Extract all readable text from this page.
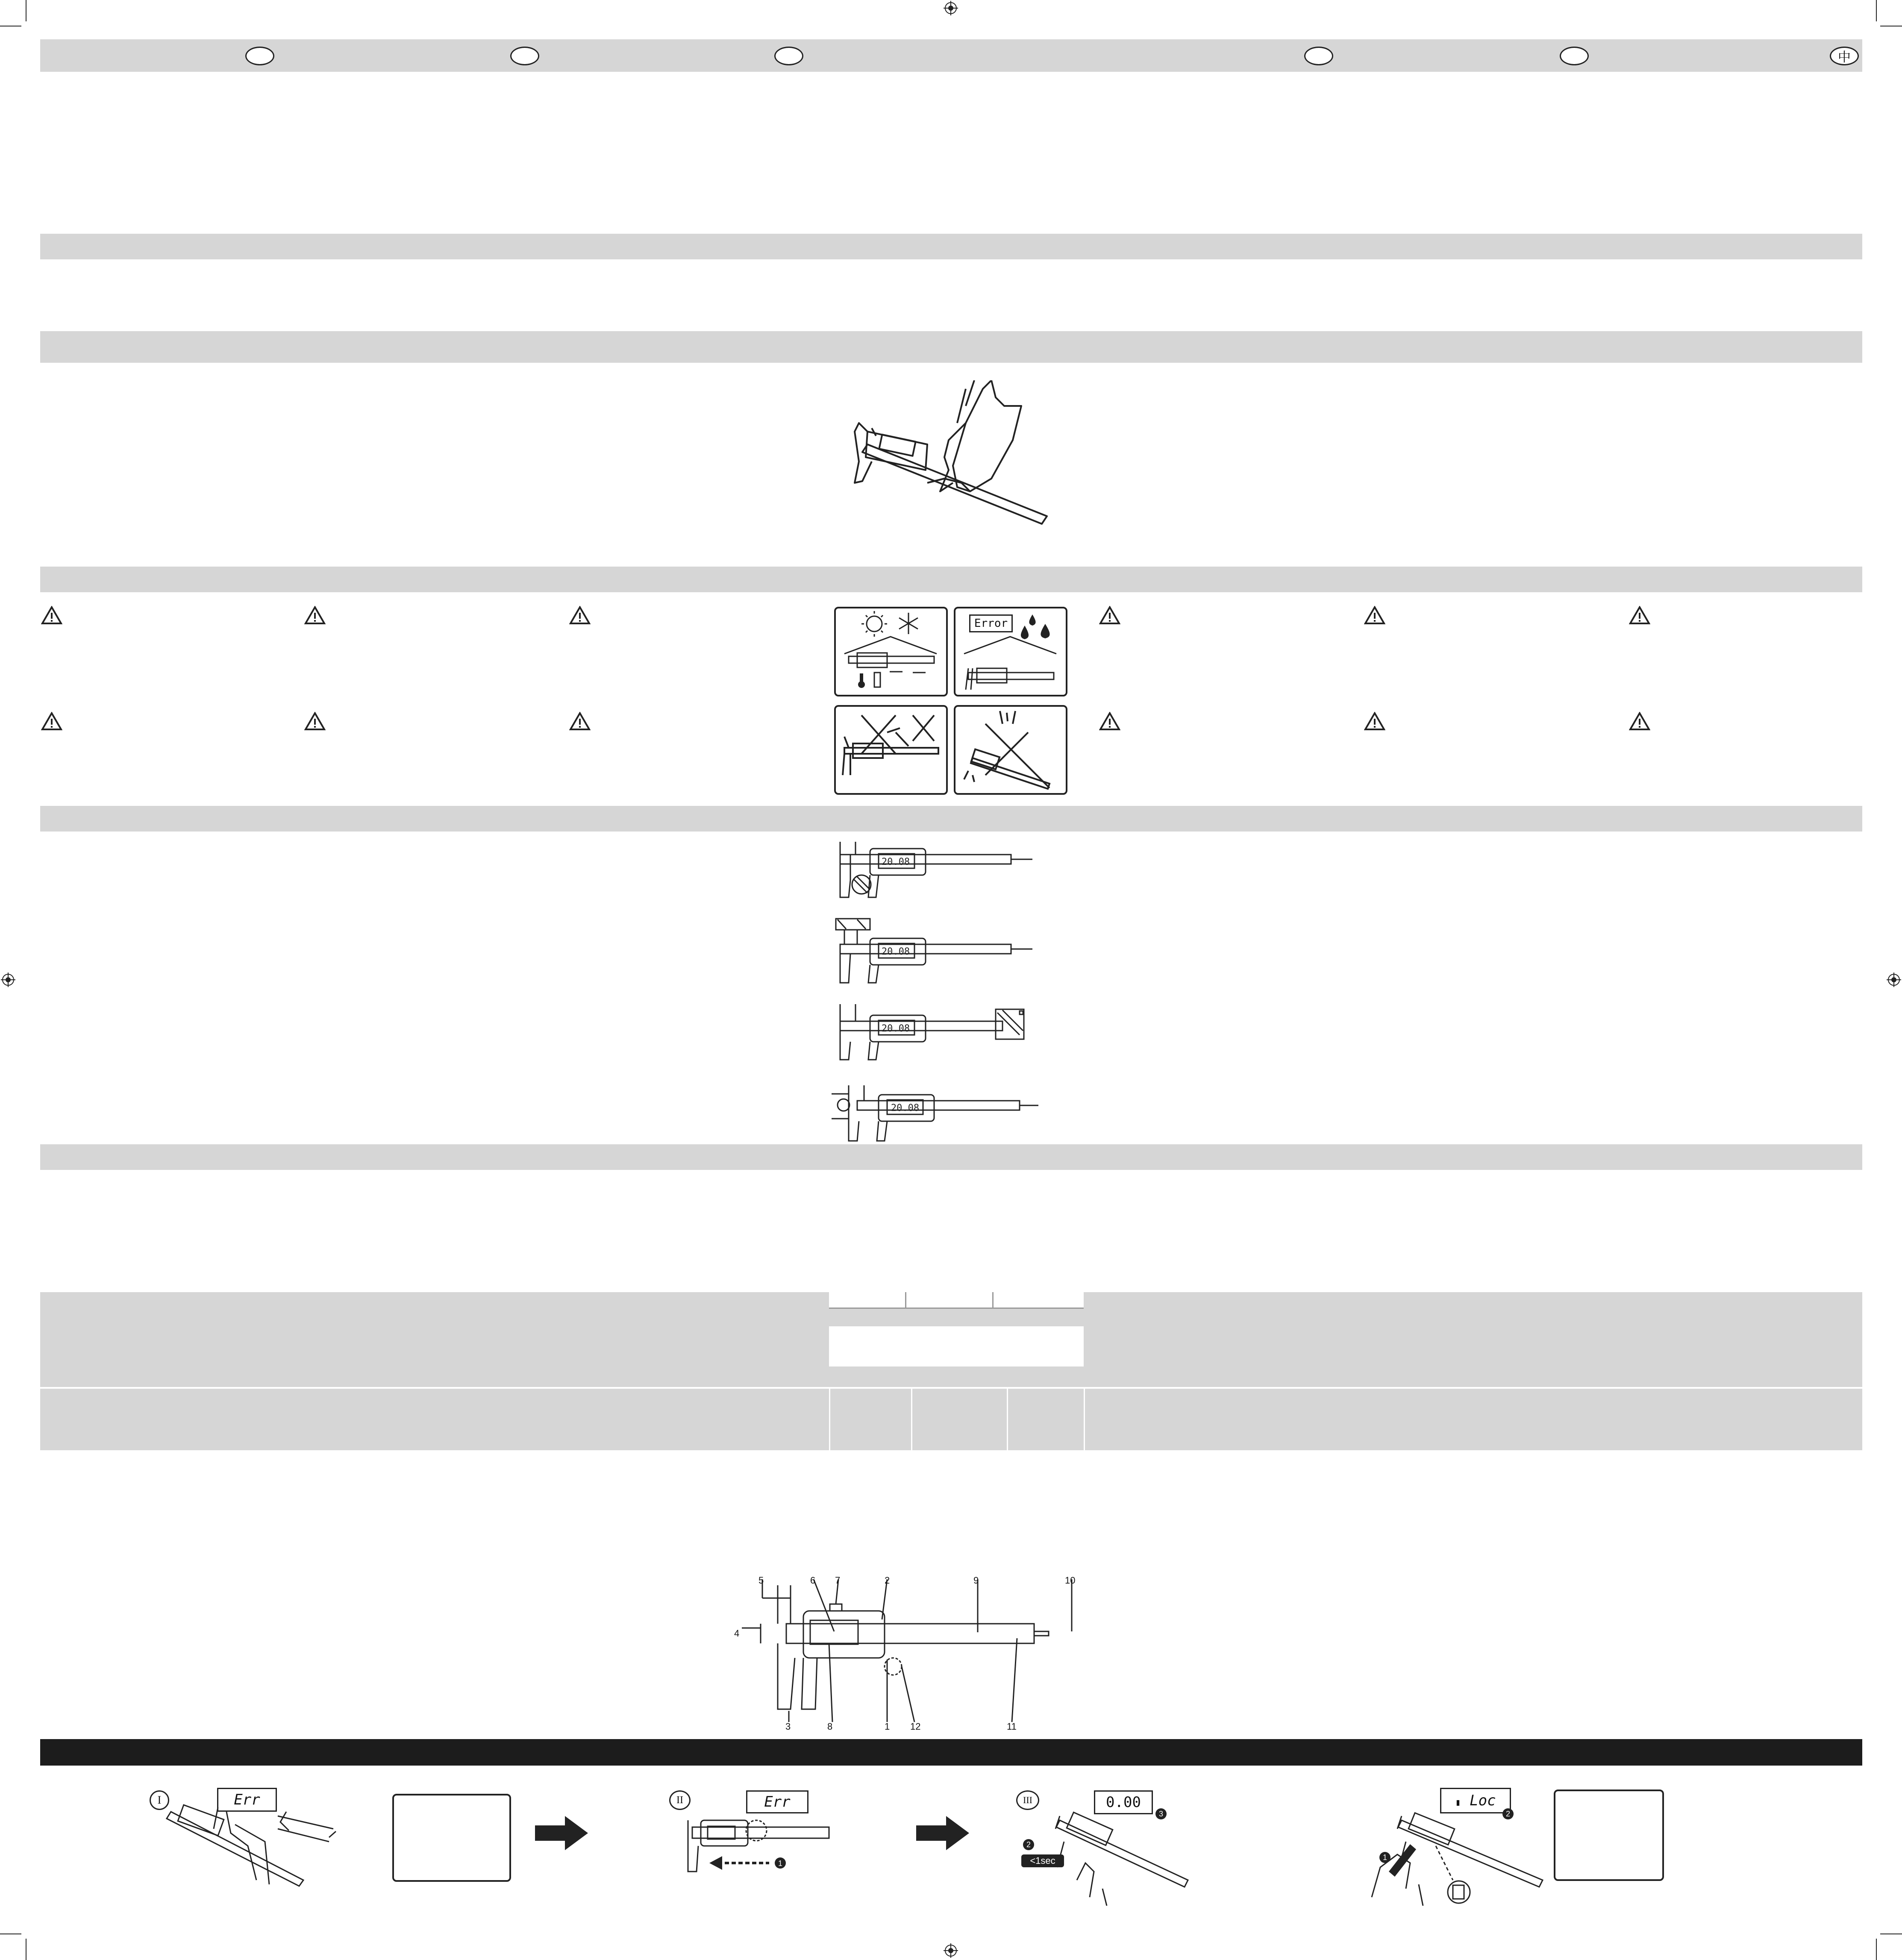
中
Error
20.08
20.08
20.08
20.08
5	6 7	2	9	10
4
3	8	1 12	11
I	Err	II	Err
1
III	0.00
3
2
<1sec
▮ Loc
2
1
